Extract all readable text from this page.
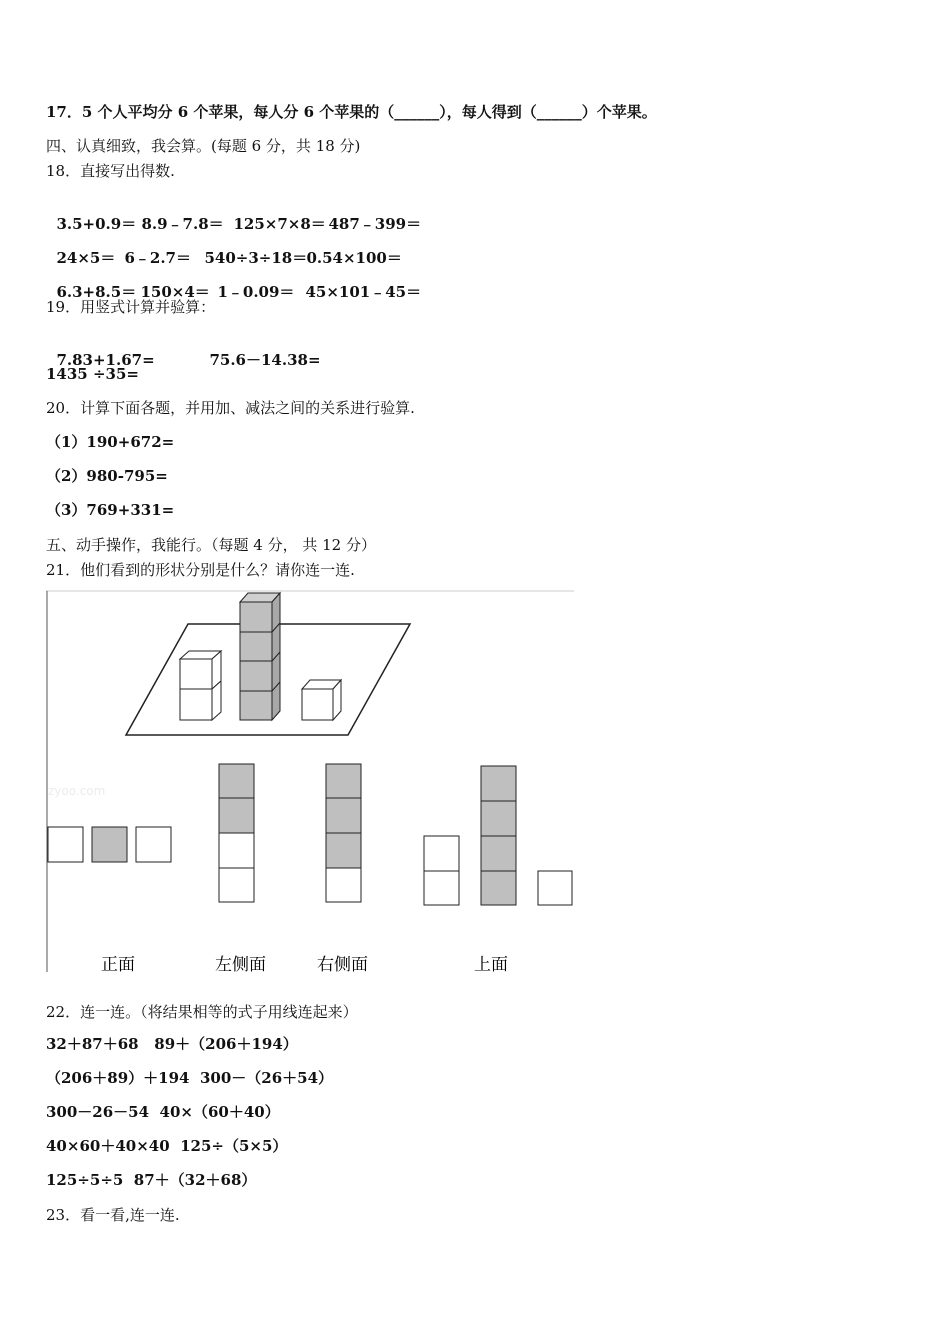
17．5 个人平均分 6 个苹果，每人分 6 个苹果的（______），每人得到（______）个苹果。
四、认真细致，我会算。(每题 6 分，共 18 分)
18．直接写出得数.

3.5+0.9＝ 8.9﹣7.8＝ 125×7×8＝ 487﹣399＝

24×5＝ 6﹣2.7＝ 540÷3÷18＝0.54×100＝

6.3+8.5＝ 150×4＝ 1﹣0.09＝ 45×101﹣45＝

19．用竖式计算并验算：

7.83+1.67=	75.6－14.38=

1435 ÷35=
20．计算下面各题，并用加、减法之间的关系进行验算.
（1）190+672=
（2）980-795=
（3）769+331=
五、动手操作，我能行。（每题 4 分， 共 12 分）
21．他们看到的形状分别是什么？请你连一连.
zyoo.com
正面	左侧面	右侧面	上面
22．连一连。（将结果相等的式子用线连起来）
32＋87＋68   89＋（206＋194）
（206＋89）＋194  300－（26＋54）
300－26－54  40×（60＋40）
40×60＋40×40  125÷（5×5）
125÷5÷5  87＋（32＋68）
23．看一看,连一连.
